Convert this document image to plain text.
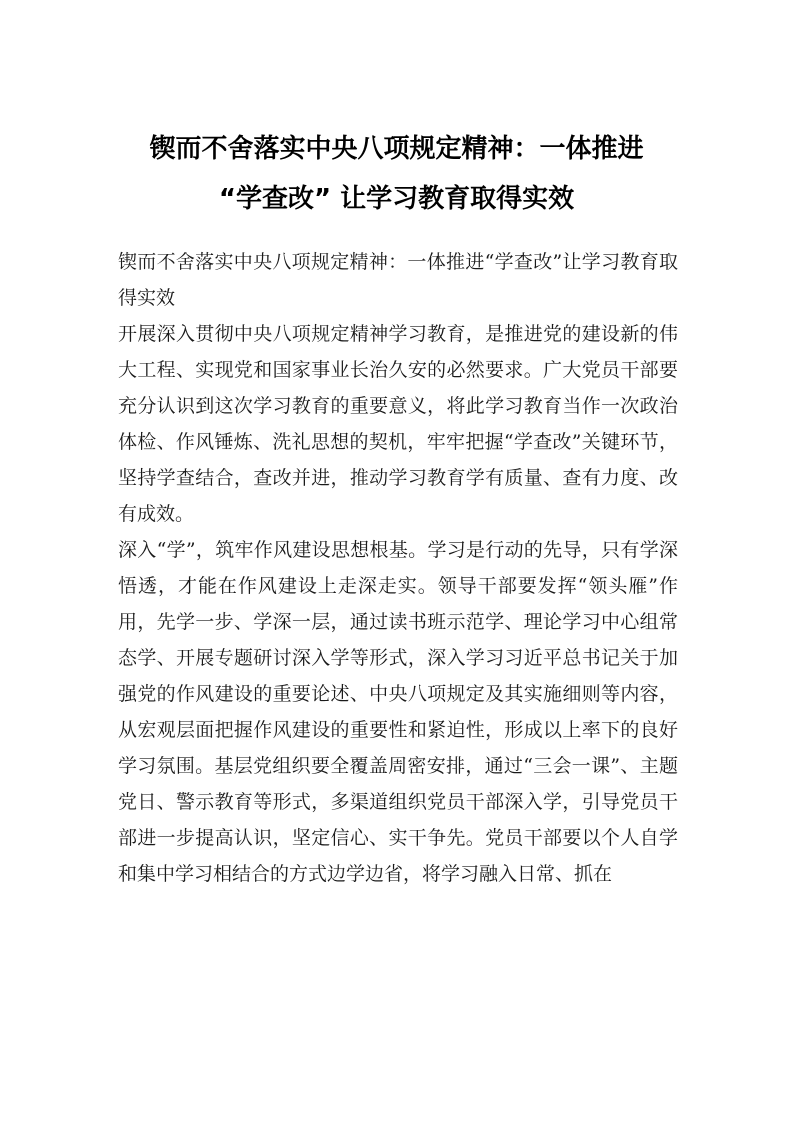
锲而不舍落实中央八项规定精神：一体推进
“学查改” 让学习教育取得实效

锲而不舍落实中央八项规定精神：一体推进“学查改”让学习教育取得实效

开展深入贯彻中央八项规定精神学习教育，是推进党的建设新的伟大工程、实现党和国家事业长治久安的必然要求。广大党员干部要充分认识到这次学习教育的重要意义，将此学习教育当作一次政治体检、作风锤炼、洗礼思想的契机，牢牢把握“学查改”关键环节，坚持学查结合，查改并进，推动学习教育学有质量、查有力度、改有成效。

深入“学”，筑牢作风建设思想根基。学习是行动的先导，只有学深悟透，才能在作风建设上走深走实。领导干部要发挥“领头雁”作用，先学一步、学深一层，通过读书班示范学、理论学习中心组常态学、开展专题研讨深入学等形式，深入学习习近平总书记关于加强党的作风建设的重要论述、中央八项规定及其实施细则等内容，从宏观层面把握作风建设的重要性和紧迫性，形成以上率下的良好学习氛围。基层党组织要全覆盖周密安排，通过“三会一课”、主题党日、警示教育等形式，多渠道组织党员干部深入学，引导党员干部进一步提高认识，坚定信心、实干争先。党员干部要以个人自学和集中学习相结合的方式边学边省，将学习融入日常、抓在
